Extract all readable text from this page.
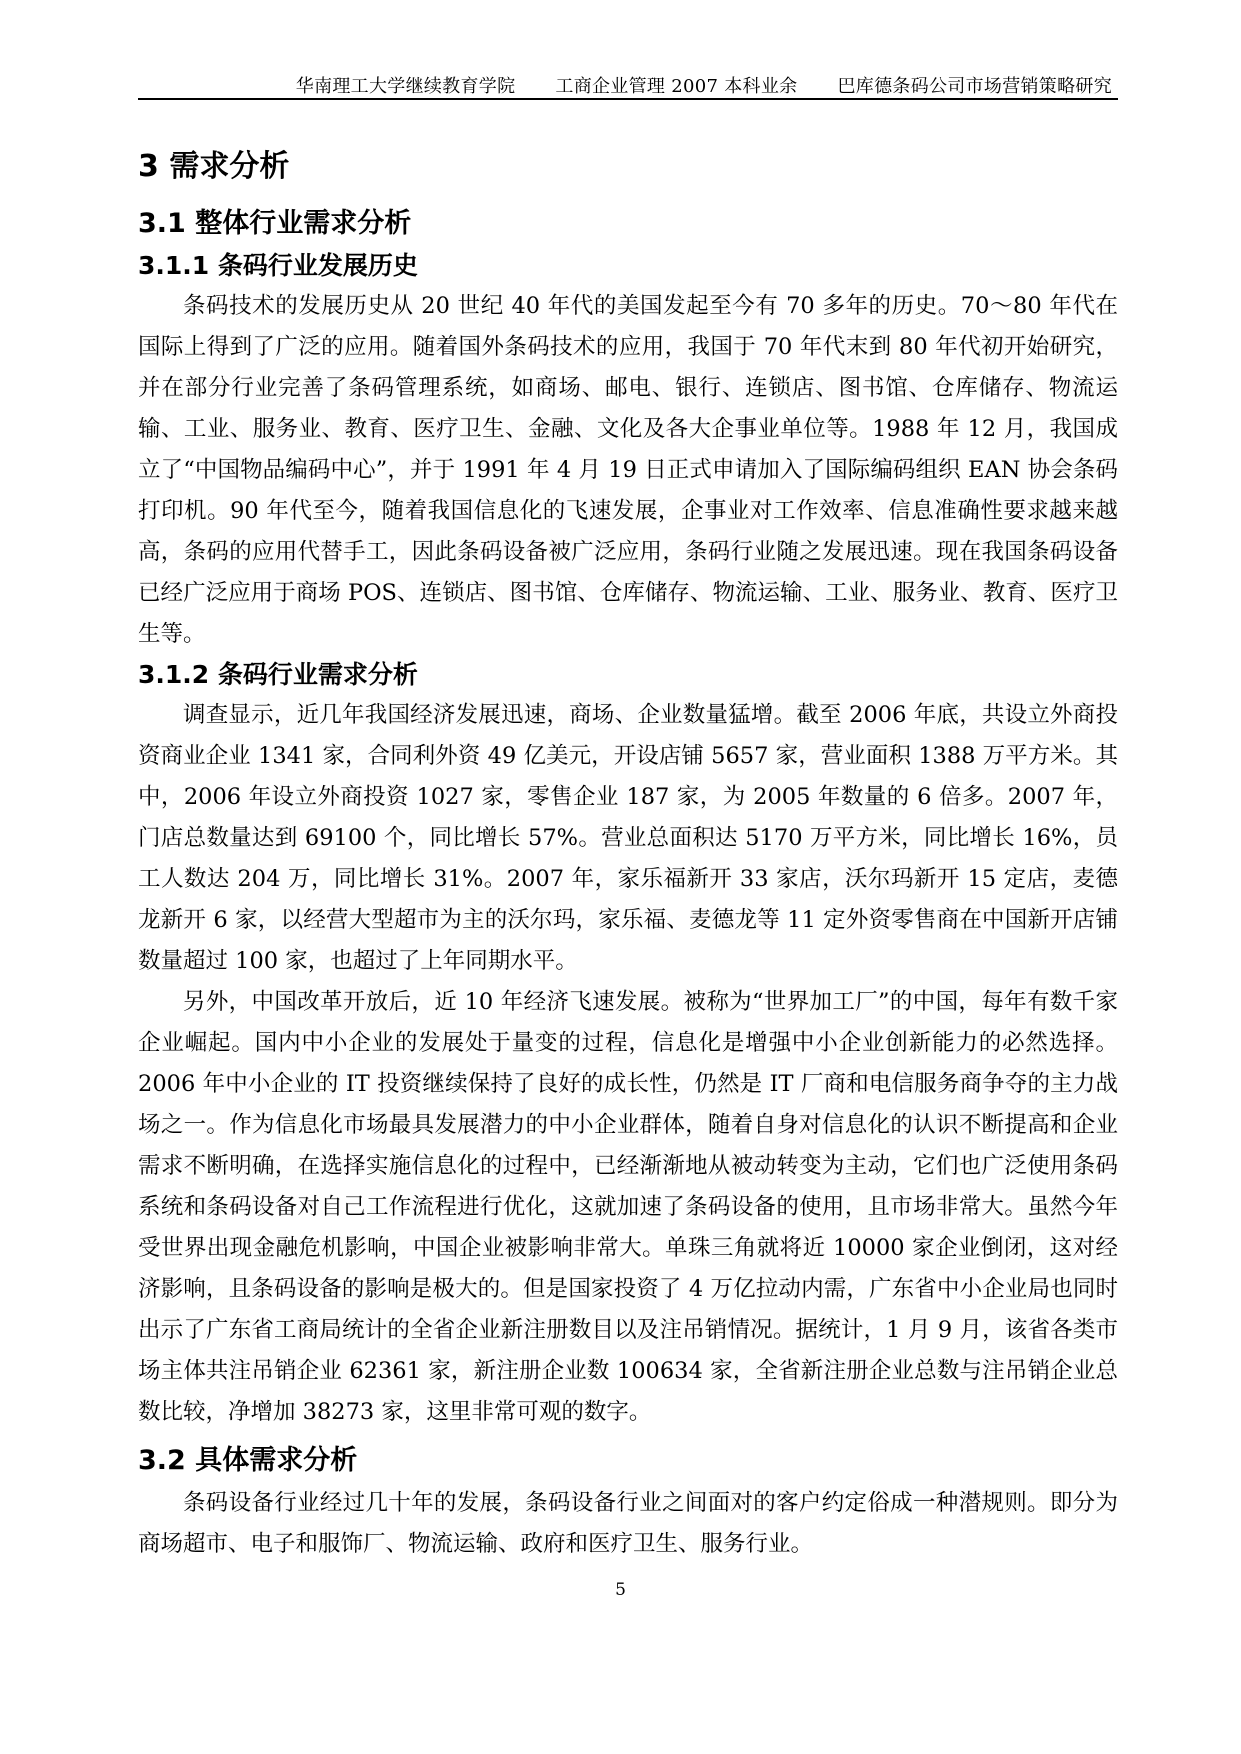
华南理工大学继续教育学院 工商企业管理 2007 本科业余 巴库德条码公司市场营销策略研究
3 需求分析
3.1 整体行业需求分析
3.1.1 条码行业发展历史

条码技术的发展历史从 20 世纪 40 年代的美国发起至今有 70 多年的历史。70～80 年代在国际上得到了广泛的应用。随着国外条码技术的应用，我国于 70 年代末到 80 年代初开始研究，并在部分行业完善了条码管理系统，如商场、邮电、银行、连锁店、图书馆、仓库储存、物流运输、工业、服务业、教育、医疗卫生、金融、文化及各大企事业单位等。1988 年 12 月，我国成立了“中国物品编码中心”，并于 1991 年 4 月 19 日正式申请加入了国际编码组织 EAN 协会条码打印机。90 年代至今，随着我国信息化的飞速发展，企事业对工作效率、信息准确性要求越来越高，条码的应用代替手工，因此条码设备被广泛应用，条码行业随之发展迅速。现在我国条码设备已经广泛应用于商场 POS、连锁店、图书馆、仓库储存、物流运输、工业、服务业、教育、医疗卫生等。

3.1.2 条码行业需求分析

调查显示，近几年我国经济发展迅速，商场、企业数量猛增。截至 2006 年底，共设立外商投资商业企业 1341 家，合同利外资 49 亿美元，开设店铺 5657 家，营业面积 1388 万平方米。其中，2006 年设立外商投资 1027 家，零售企业 187 家，为 2005 年数量的 6 倍多。2007 年，门店总数量达到 69100 个，同比增长 57%。营业总面积达 5170 万平方米，同比增长 16%，员工人数达 204 万，同比增长 31%。2007 年，家乐福新开 33 家店，沃尔玛新开 15 定店，麦德龙新开 6 家，以经营大型超市为主的沃尔玛，家乐福、麦德龙等 11 定外资零售商在中国新开店铺数量超过 100 家，也超过了上年同期水平。

另外，中国改革开放后，近 10 年经济飞速发展。被称为“世界加工厂”的中国，每年有数千家企业崛起。国内中小企业的发展处于量变的过程，信息化是增强中小企业创新能力的必然选择。2006 年中小企业的 IT 投资继续保持了良好的成长性，仍然是 IT 厂商和电信服务商争夺的主力战场之一。作为信息化市场最具发展潜力的中小企业群体，随着自身对信息化的认识不断提高和企业需求不断明确，在选择实施信息化的过程中，已经渐渐地从被动转变为主动，它们也广泛使用条码系统和条码设备对自己工作流程进行优化，这就加速了条码设备的使用，且市场非常大。虽然今年受世界出现金融危机影响，中国企业被影响非常大。单珠三角就将近 10000 家企业倒闭，这对经济影响，且条码设备的影响是极大的。但是国家投资了 4 万亿拉动内需，广东省中小企业局也同时出示了广东省工商局统计的全省企业新注册数目以及注吊销情况。据统计，1 月 9 月，该省各类市场主体共注吊销企业 62361 家，新注册企业数 100634 家，全省新注册企业总数与注吊销企业总数比较，净增加 38273 家，这里非常可观的数字。

3.2 具体需求分析

条码设备行业经过几十年的发展，条码设备行业之间面对的客户约定俗成一种潜规则。即分为商场超市、电子和服饰厂、物流运输、政府和医疗卫生、服务行业。

5
